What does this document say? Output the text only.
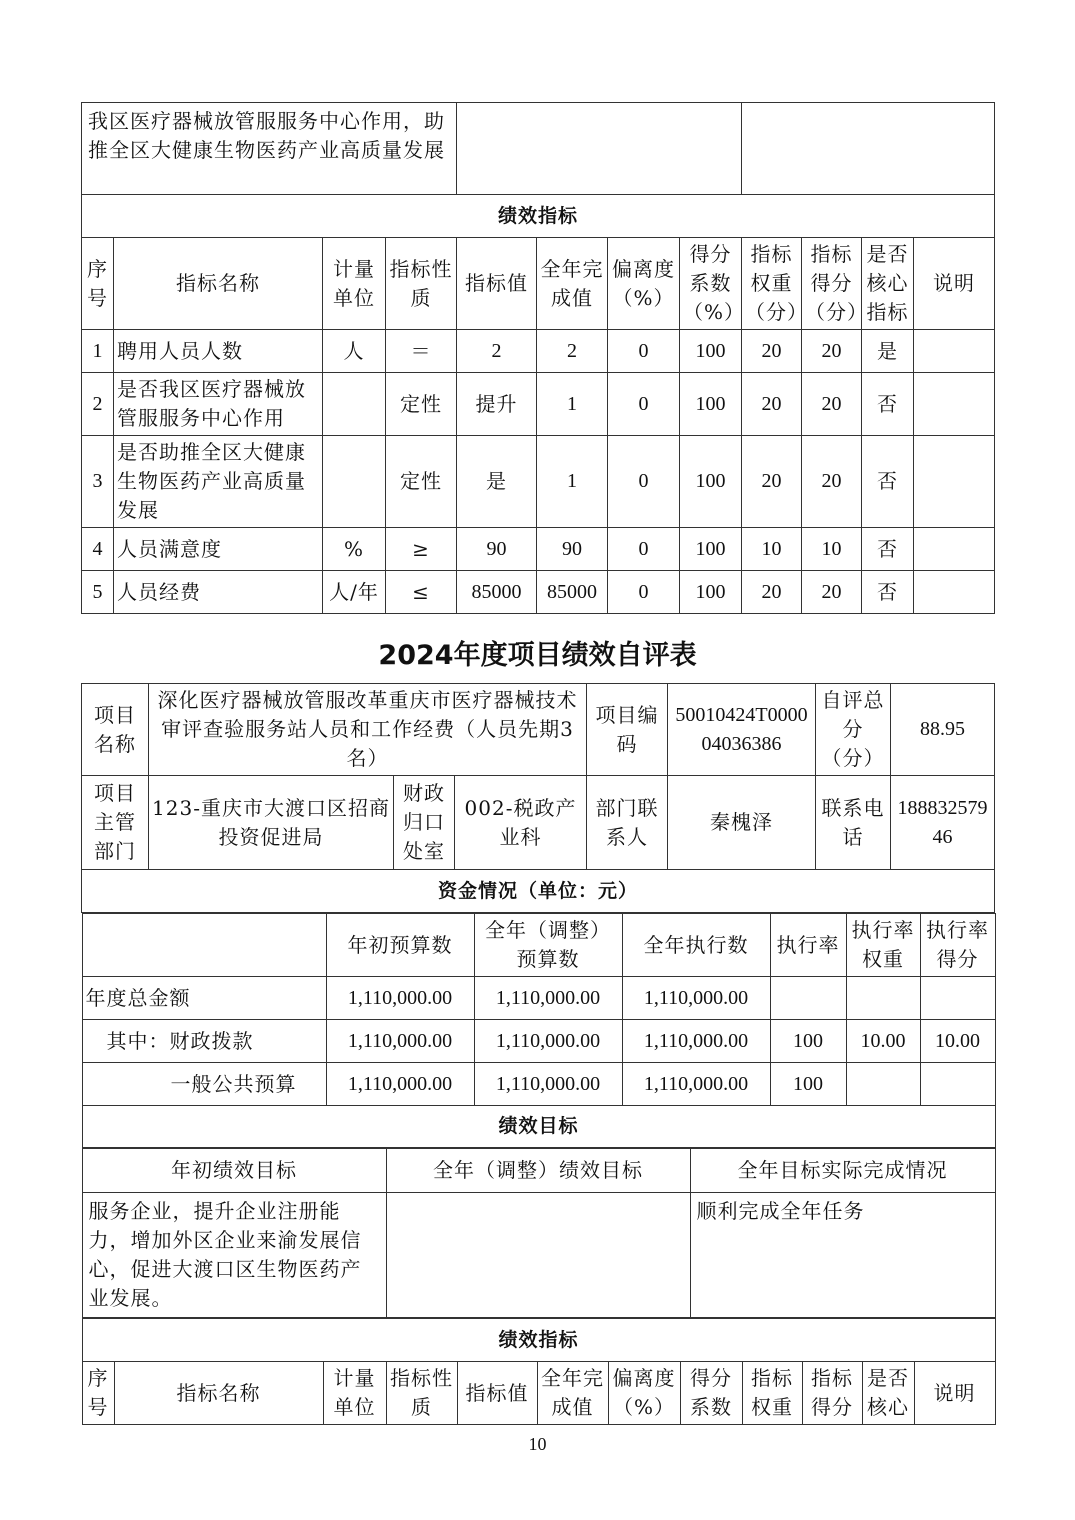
我区医疗器械放管服服务中心作用，助推全区大健康生物医药产业高质量发展											
绩效指标											
序号	指标名称	计量单位	指标性质	指标值	全年完成值	偏离度（%）	得分系数（%）	指标权重（分）	指标得分（分）	是否核心指标	说明
1	聘用人员人数	人	＝	2	2	0	100	20	20	是	
2	是否我区医疗器械放管服服务中心作用		定性	提升	1	0	100	20	20	否	
3	是否助推全区大健康生物医药产业高质量发展		定性	是	1	0	100	20	20	否	
4	人员满意度	%	≥	90	90	0	100	10	10	否	
5	人员经费	人/年	≤	85000	85000	0	100	20	20	否	
2024年度项目绩效自评表
项目名称	深化医疗器械放管服改革重庆市医疗器械技术审评查验服务站人员和工作经费（人员先期3名）	项目编码	50010424T000004036386	自评总分（分）	88.95
项目主管部门	123-重庆市大渡口区招商投资促进局	财政归口处室	002-税政产业科	部门联系人	秦槐泽	联系电话	18883257946
资金情况（单位：元）

	年初预算数	全年（调整）预算数	全年执行数	执行率	执行率权重	执行率得分
年度总金额	1,110,000.00	1,110,000.00	1,110,000.00			
其中：财政拨款	1,110,000.00	1,110,000.00	1,110,000.00	100	10.00	10.00
一般公共预算	1,110,000.00	1,110,000.00	1,110,000.00	100		
绩效目标

年初绩效目标	全年（调整）绩效目标	全年目标实际完成情况
服务企业，提升企业注册能力，增加外区企业来渝发展信心，促进大渡口区生物医药产业发展。		顺利完成全年任务

绩效指标
序号	指标名称	计量单位	指标性质	指标值	全年完成值	偏离度（%）	得分系数	指标权重	指标得分	是否核心	说明
10
